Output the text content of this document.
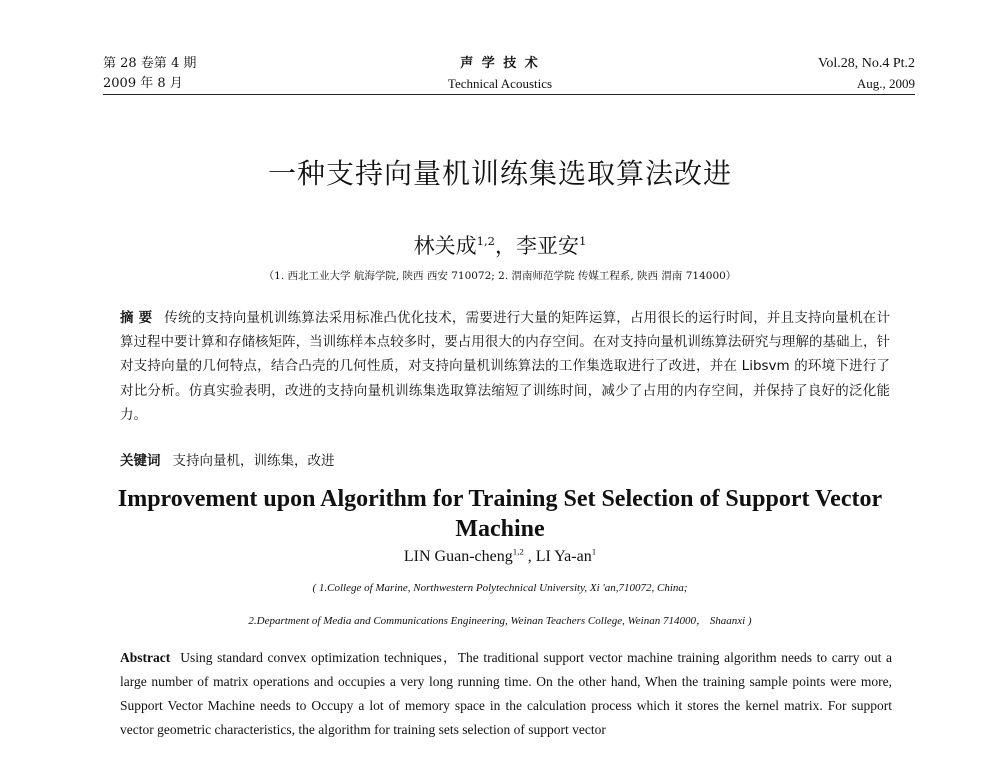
第 28 卷第 4 期
2009 年 8 月
声 学 技 术
Technical Acoustics
Vol.28, No.4 Pt.2
Aug., 2009
一种支持向量机训练集选取算法改进
林关成$^{1,2}$，李亚安$^1$
（1. 西北工业大学 航海学院, 陕西 西安 710072; 2. 渭南师范学院 传媒工程系, 陕西 渭南 714000）
摘 要 传统的支持向量机训练算法采用标准凸优化技术，需要进行大量的矩阵运算，占用很长的运行时间，并且支持向量机在计算过程中要计算和存储核矩阵，当训练样本点较多时，要占用很大的内存空间。在对支持向量机训练算法研究与理解的基础上，针对支持向量的几何特点，结合凸壳的几何性质，对支持向量机训练算法的工作集选取进行了改进，并在 Libsvm 的环境下进行了对比分析。仿真实验表明，改进的支持向量机训练集选取算法缩短了训练时间，减少了占用的内存空间，并保持了良好的泛化能力。
关键词 支持向量机，训练集，改进
Improvement upon Algorithm for Training Set Selection of Support Vector Machine
LIN Guan-cheng$^{1,2}$ , LI $Ya-an^1$
( 1.College of Marine, Northwestern Polytechnical University, Xi 'an,710072, China;
2.Department of Media and Communications Engineering, Weinan Teachers College, Weinan 714000， Shaanxi )
Abstract Using standard convex optimization techniques，The traditional support vector machine training algorithm needs to carry out a large number of matrix operations and occupies a very long running time. On the other hand, When the training sample points were more, Support Vector Machine needs to Occupy a lot of memory space in the calculation process which it stores the kernel matrix. For support vector geometric characteristics, the algorithm for training sets selection of support vector
